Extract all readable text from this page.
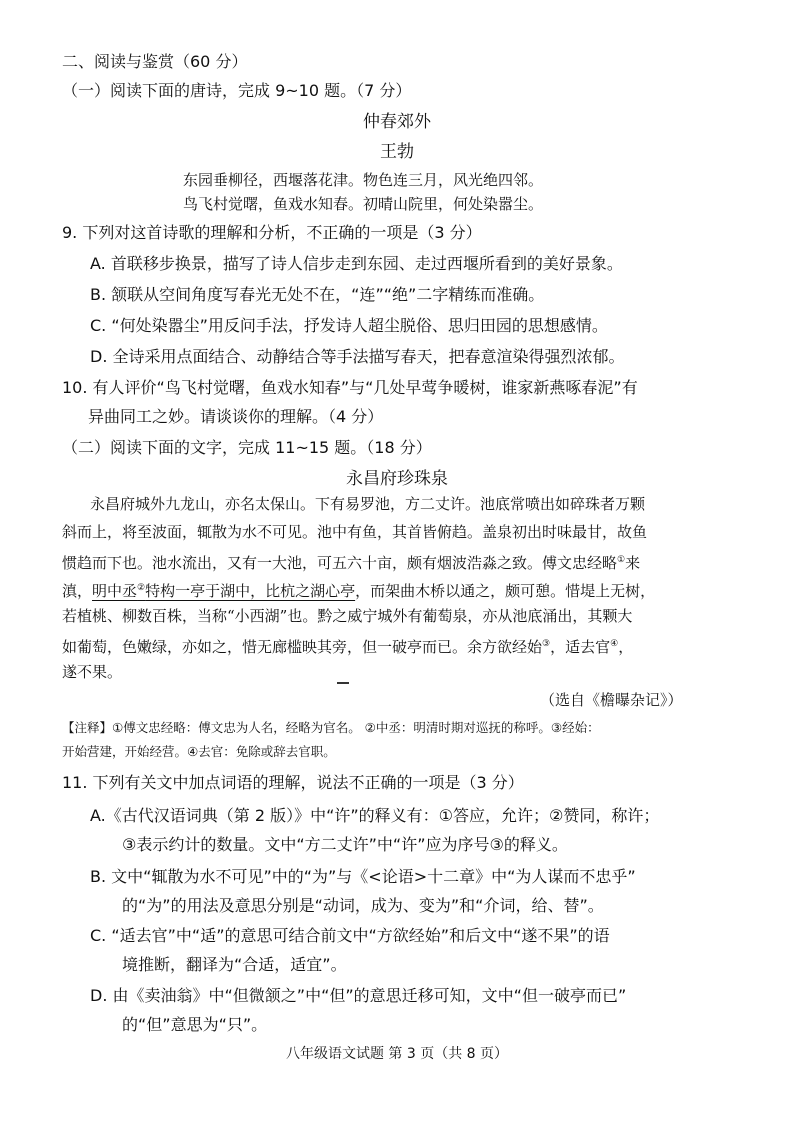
二、阅读与鉴赏（60 分）
（一）阅读下面的唐诗，完成 9~10 题。（7 分）
仲春郊外
王勃
东园垂柳径，西堰落花津。物色连三月，风光绝四邻。
鸟飞村觉曙，鱼戏水知春。初晴山院里，何处染嚣尘。
9. 下列对这首诗歌的理解和分析，不正确的一项是（3 分）
A. 首联移步换景，描写了诗人信步走到东园、走过西堰所看到的美好景象。
B. 颔联从空间角度写春光无处不在，“连”“绝”二字精练而准确。
C. “何处染嚣尘”用反问手法，抒发诗人超尘脱俗、思归田园的思想感情。
D. 全诗采用点面结合、动静结合等手法描写春天，把春意渲染得强烈浓郁。
10. 有人评价“鸟飞村觉曙，鱼戏水知春”与“几处早莺争暖树，谁家新燕啄春泥”有
异曲同工之妙。请谈谈你的理解。（4 分）
（二）阅读下面的文字，完成 11~15 题。（18 分）
永昌府珍珠泉
永昌府城外九龙山，亦名太保山。下有易罗池，方二丈许。池底常喷出如碎珠者万颗
斜而上，将至波面，辄散为水不可见。池中有鱼，其首皆俯趋。盖泉初出时味最甘，故鱼
惯趋而下也。池水流出，又有一大池，可五六十亩，颇有烟波浩淼之致。傅文忠经略①来
滇，明中丞②特构一亭于湖中，比杭之湖心亭，而架曲木桥以通之，颇可憩。惜堤上无树，
若植桃、柳数百株，当称“小西湖”也。黔之威宁城外有葡萄泉，亦从池底涌出，其颗大
如葡萄，色嫩绿，亦如之，惜无廊槛映其旁，但一破亭而已。余方欲经始③，适去官④，
遂不果。
（选自《檐曝杂记》）
【注释】①傅文忠经略：傅文忠为人名，经略为官名。 ②中丞：明清时期对巡抚的称呼。③经始：
开始营建，开始经营。④去官：免除或辞去官职。
11. 下列有关文中加点词语的理解，说法不正确的一项是（3 分）
A.《古代汉语词典（第 2 版）》中“许”的释义有：①答应，允许；②赞同，称许；
③表示约计的数量。文中“方二丈许”中“许”应为序号③的释义。
B. 文中“辄散为水不可见”中的“为”与《<论语>十二章》中“为人谋而不忠乎”
的“为”的用法及意思分别是“动词，成为、变为”和“介词，给、替”。
C. “适去官”中“适”的意思可结合前文中“方欲经始”和后文中“遂不果”的语
境推断，翻译为“合适，适宜”。
D. 由《卖油翁》中“但微颔之”中“但”的意思迁移可知，文中“但一破亭而已”
的“但”意思为“只”。
八年级语文试题 第 3 页（共 8 页）
